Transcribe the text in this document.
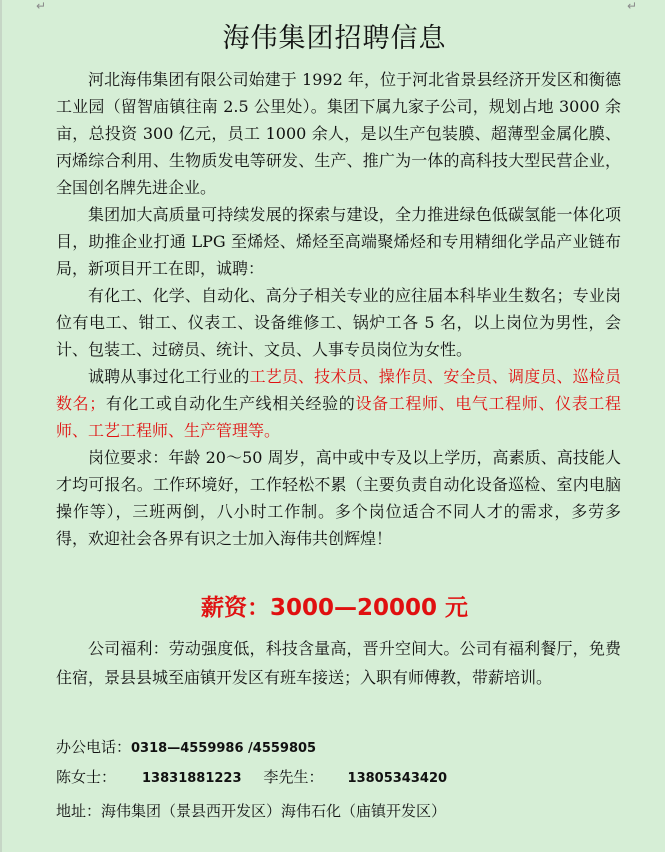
↵	↵
海伟集团招聘信息

河北海伟集团有限公司始建于 1992 年，位于河北省景县经济开发区和衡德工业园（留智庙镇往南 2.5 公里处）。集团下属九家子公司，规划占地 3000 余亩，总投资 300 亿元，员工 1000 余人，是以生产包装膜、超薄型金属化膜、丙烯综合利用、生物质发电等研发、生产、推广为一体的高科技大型民营企业，全国创名牌先进企业。

集团加大高质量可持续发展的探索与建设，全力推进绿色低碳氢能一体化项目，助推企业打通 LPG 至烯烃、烯烃至高端聚烯烃和专用精细化学品产业链布局，新项目开工在即，诚聘：

有化工、化学、自动化、高分子相关专业的应往届本科毕业生数名；专业岗位有电工、钳工、仪表工、设备维修工、锅炉工各 5 名，以上岗位为男性，会计、包装工、过磅员、统计、文员、人事专员岗位为女性。

诚聘从事过化工行业的工艺员、技术员、操作员、安全员、调度员、巡检员数名；有化工或自动化生产线相关经验的设备工程师、电气工程师、仪表工程师、工艺工程师、生产管理等。

岗位要求：年龄 20～50 周岁，高中或中专及以上学历，高素质、高技能人才均可报名。工作环境好，工作轻松不累（主要负责自动化设备巡检、室内电脑操作等），三班两倒，八小时工作制。多个岗位适合不同人才的需求，多劳多得，欢迎社会各界有识之士加入海伟共创辉煌！

薪资：3000—20000 元

公司福利：劳动强度低，科技含量高，晋升空间大。公司有福利餐厅，免费住宿，景县县城至庙镇开发区有班车接送；入职有师傅教，带薪培训。

办公电话：0318—4559986 /4559805
陈女士： 13831881223 李先生： 13805343420
地址：海伟集团（景县西开发区）海伟石化（庙镇开发区）
